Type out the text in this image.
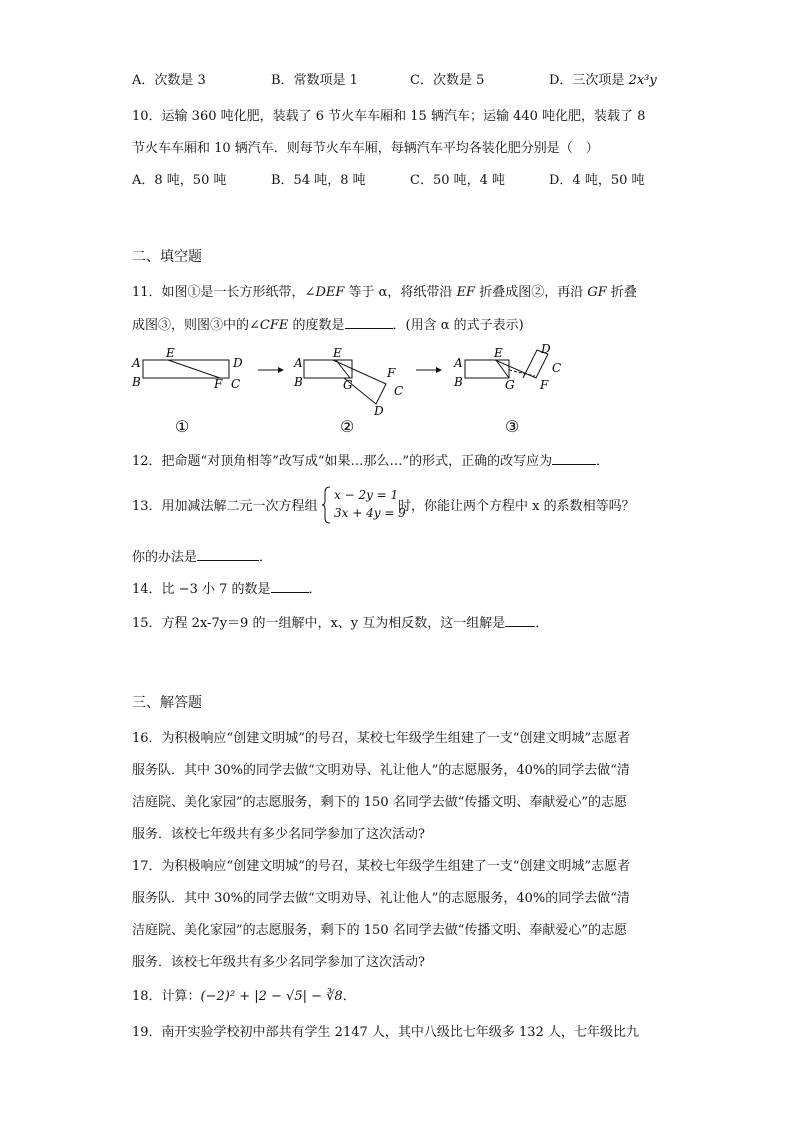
A．次数是 3	B．常数项是 1	C．次数是 5	D．三次项是 2x³y
10．运输 360 吨化肥，装载了 6 节火车车厢和 15 辆汽车；运输 440 吨化肥，装载了 8
节火车车厢和 10 辆汽车．则每节火车车厢，每辆汽车平均各装化肥分别是（　）
A．8 吨，50 吨	B．54 吨，8 吨	C．50 吨，4 吨	D．4 吨，50 吨
二、填空题
11．如图①是一长方形纸带，∠DEF 等于 α，将纸带沿 EF 折叠成图②，再沿 GF 折叠
成图③，则图③中的∠CFE 的度数是	．(用含 α 的式子表示)
A
E
D
B	F C
①
A
E
F
B	G	C
D
②
A
E	D
C
B	G F
③
12．把命题“对顶角相等”改写成“如果…那么…”的形式，正确的改写应为	．
13．用加减法解二元一次方程组
x − 2y = 1
3x + 4y = 9
时，你能让两个方程中 x 的系数相等吗？
你的办法是	．
14．比 −3 小 7 的数是	．
15．方程 2x-7y＝9 的一组解中，x、y 互为相反数，这一组解是 ．
三、解答题
16．为积极响应“创建文明城”的号召，某校七年级学生组建了一支“创建文明城”志愿者
服务队．其中 30%的同学去做“文明劝导、礼让他人”的志愿服务，40%的同学去做“清
洁庭院、美化家园”的志愿服务，剩下的 150 名同学去做“传播文明、奉献爱心”的志愿
服务．该校七年级共有多少名同学参加了这次活动?
17．为积极响应“创建文明城”的号召，某校七年级学生组建了一支“创建文明城”志愿者
服务队．其中 30%的同学去做“文明劝导、礼让他人”的志愿服务，40%的同学去做“清
洁庭院、美化家园”的志愿服务，剩下的 150 名同学去做“传播文明、奉献爱心”的志愿
服务．该校七年级共有多少名同学参加了这次活动?
18．计算：(−2)² + |2 − √5| − ∛8．
19．南开实验学校初中部共有学生 2147 人，其中八级比七年级多 132 人，七年级比九
